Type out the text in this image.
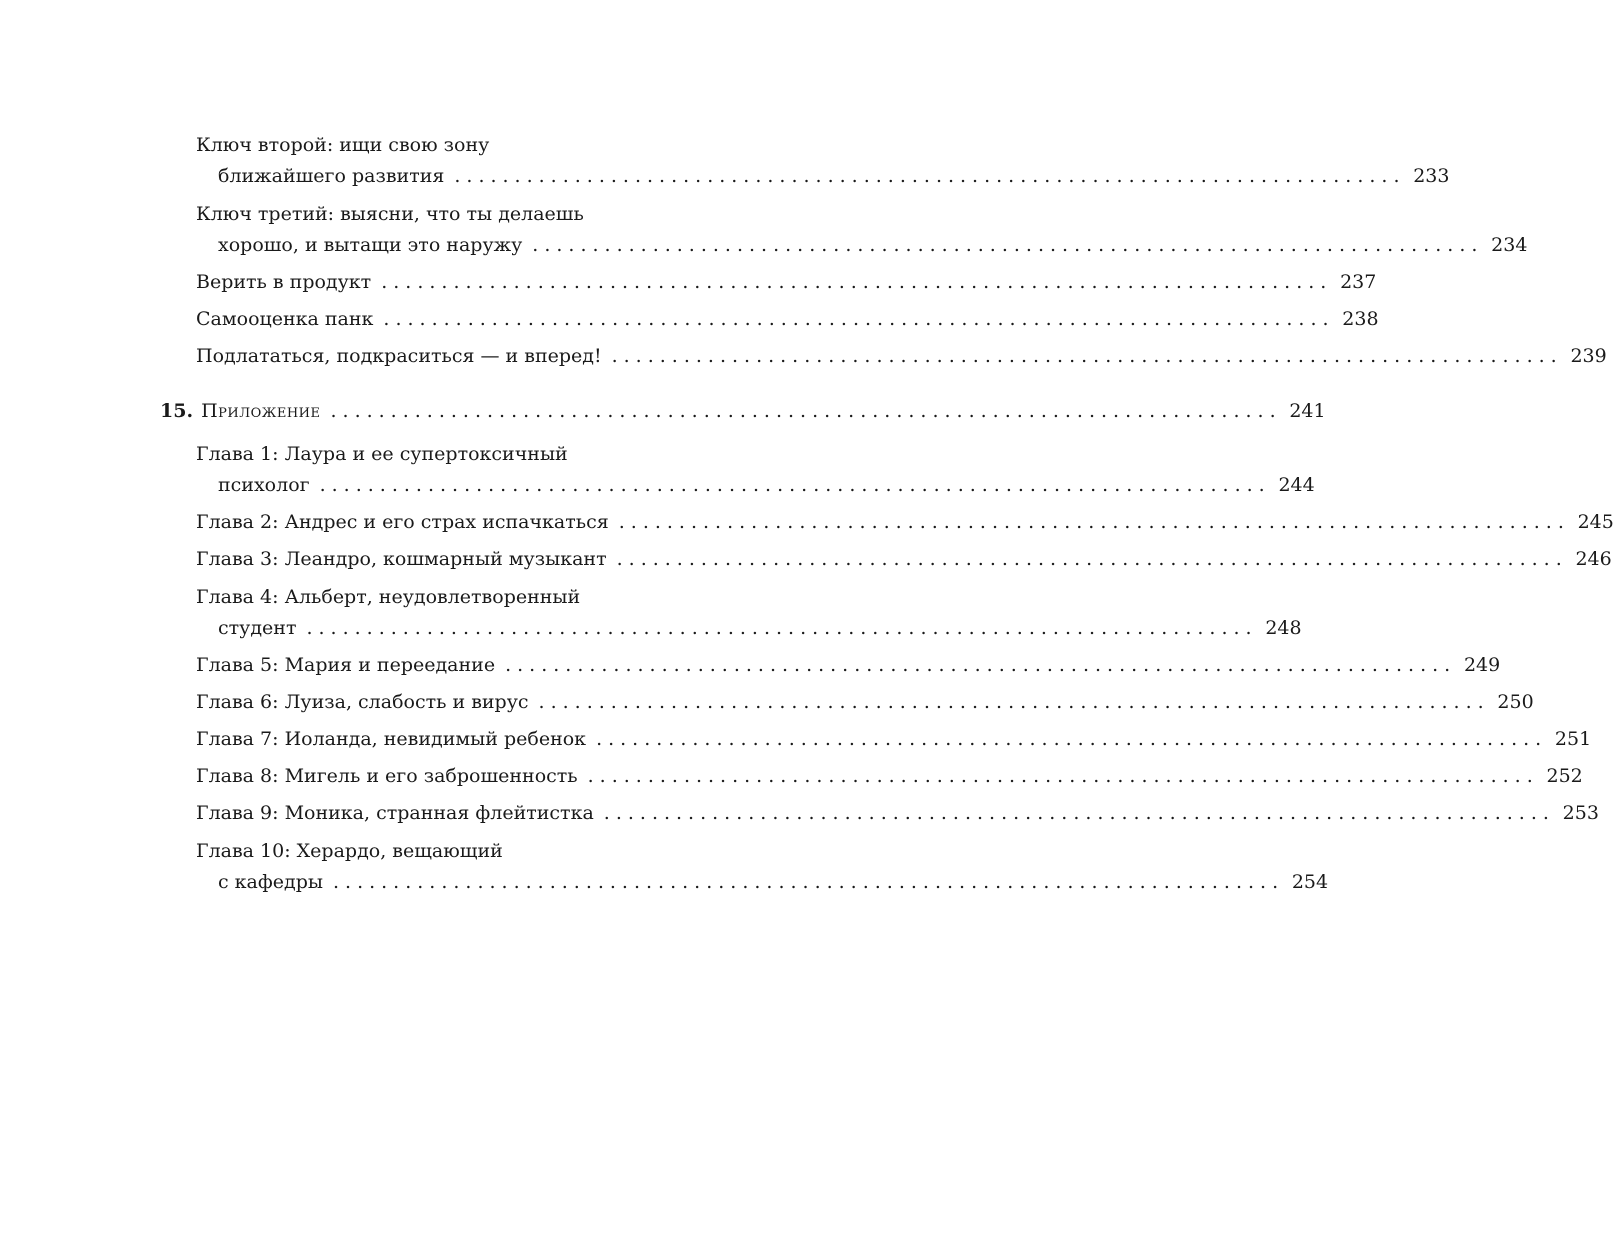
Ключ второй: ищи свою зону
ближайшего развития ............................................................................... 233
Ключ третий: выясни, что ты делаешь
хорошо, и вытащи это наружу ............................................................................... 234
Верить в продукт ............................................................................... 237
Самооценка панк ............................................................................... 238
Подлататься, подкраситься — и вперед! ............................................................................... 239
15. Приложение ............................................................................... 241
Глава 1: Лаура и ее супертоксичный
психолог ............................................................................... 244
Глава 2: Андрес и его страх испачкаться ............................................................................... 245
Глава 3: Леандро, кошмарный музыкант ............................................................................... 246
Глава 4: Альберт, неудовлетворенный
студент ............................................................................... 248
Глава 5: Мария и переедание ............................................................................... 249
Глава 6: Луиза, слабость и вирус ............................................................................... 250
Глава 7: Иоланда, невидимый ребенок ............................................................................... 251
Глава 8: Мигель и его заброшенность ............................................................................... 252
Глава 9: Моника, странная флейтистка ............................................................................... 253
Глава 10: Херардо, вещающий
с кафедры ............................................................................... 254
